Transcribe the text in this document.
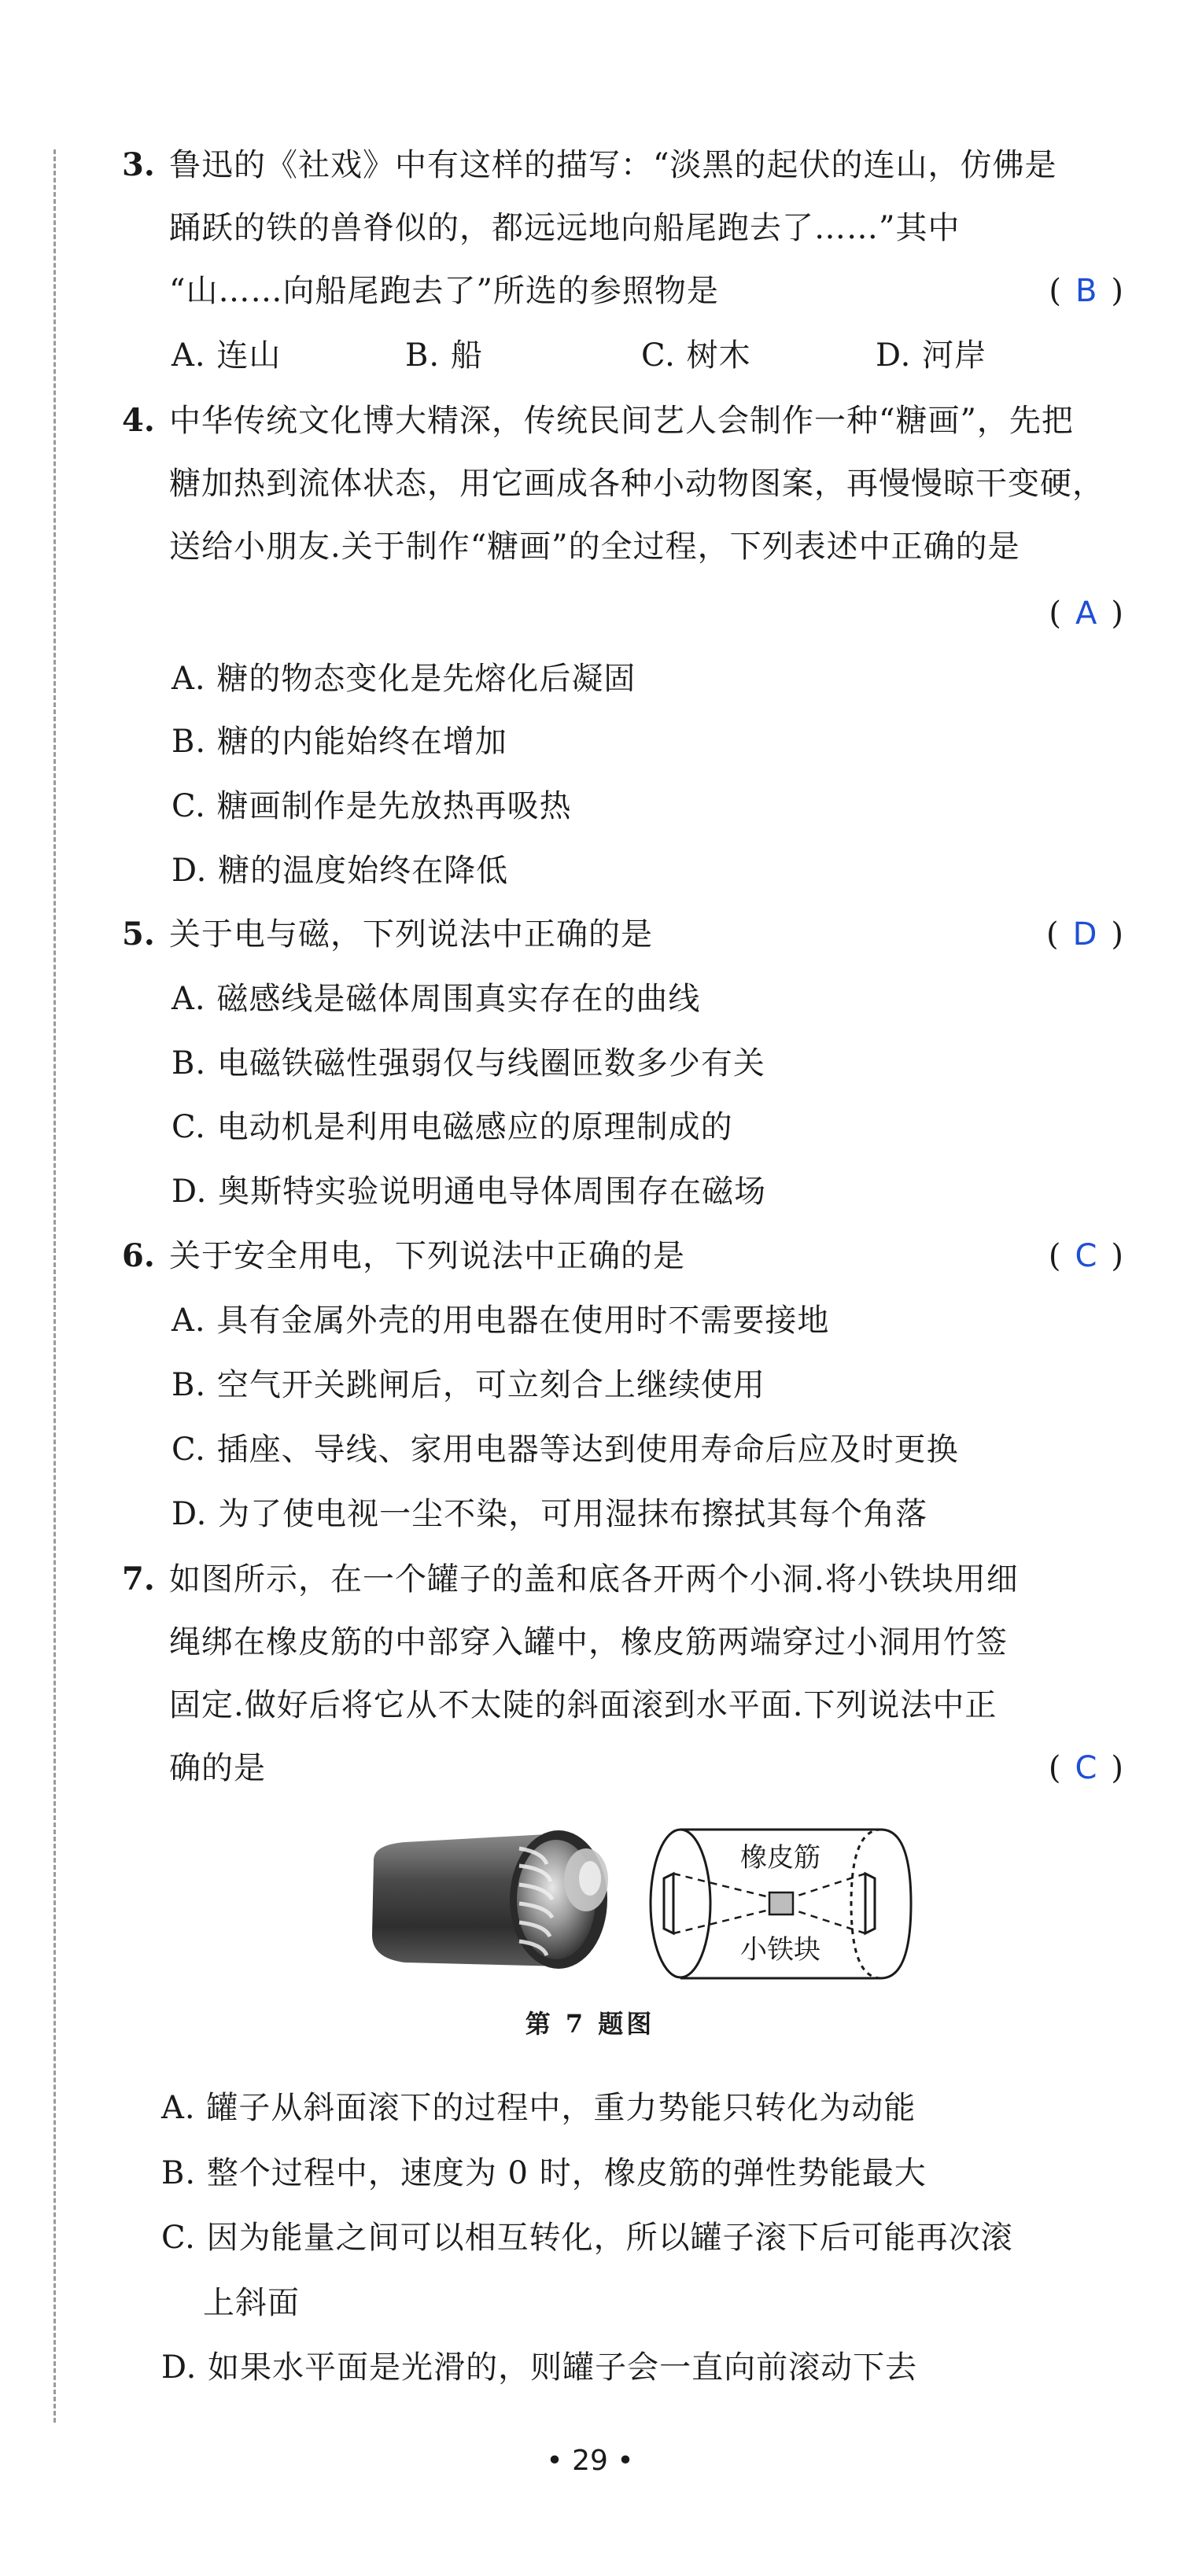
3. 鲁迅的《社戏》中有这样的描写：“淡黑的起伏的连山，仿佛是
踊跃的铁的兽脊似的，都远远地向船尾跑去了……”其中
“山……向船尾跑去了”所选的参照物是	( B )
A. 连山	B. 船	C. 树木	D. 河岸
4. 中华传统文化博大精深，传统民间艺人会制作一种“糖画”，先把
糖加热到流体状态，用它画成各种小动物图案，再慢慢晾干变硬，
送给小朋友.关于制作“糖画”的全过程，下列表述中正确的是
( A )
A. 糖的物态变化是先熔化后凝固
B. 糖的内能始终在增加
C. 糖画制作是先放热再吸热
D. 糖的温度始终在降低
5. 关于电与磁，下列说法中正确的是	( D )
A. 磁感线是磁体周围真实存在的曲线
B. 电磁铁磁性强弱仅与线圈匝数多少有关
C. 电动机是利用电磁感应的原理制成的
D. 奥斯特实验说明通电导体周围存在磁场
6. 关于安全用电，下列说法中正确的是	( C )
A. 具有金属外壳的用电器在使用时不需要接地
B. 空气开关跳闸后，可立刻合上继续使用
C. 插座、导线、家用电器等达到使用寿命后应及时更换
D. 为了使电视一尘不染，可用湿抹布擦拭其每个角落
7. 如图所示，在一个罐子的盖和底各开两个小洞.将小铁块用细
绳绑在橡皮筋的中部穿入罐中，橡皮筋两端穿过小洞用竹签
固定.做好后将它从不太陡的斜面滚到水平面.下列说法中正
确的是	( C )
橡皮筋
小铁块
第 7 题图
A. 罐子从斜面滚下的过程中，重力势能只转化为动能
B. 整个过程中，速度为 0 时，橡皮筋的弹性势能最大
C. 因为能量之间可以相互转化，所以罐子滚下后可能再次滚
上斜面
D. 如果水平面是光滑的，则罐子会一直向前滚动下去
• 29 •
